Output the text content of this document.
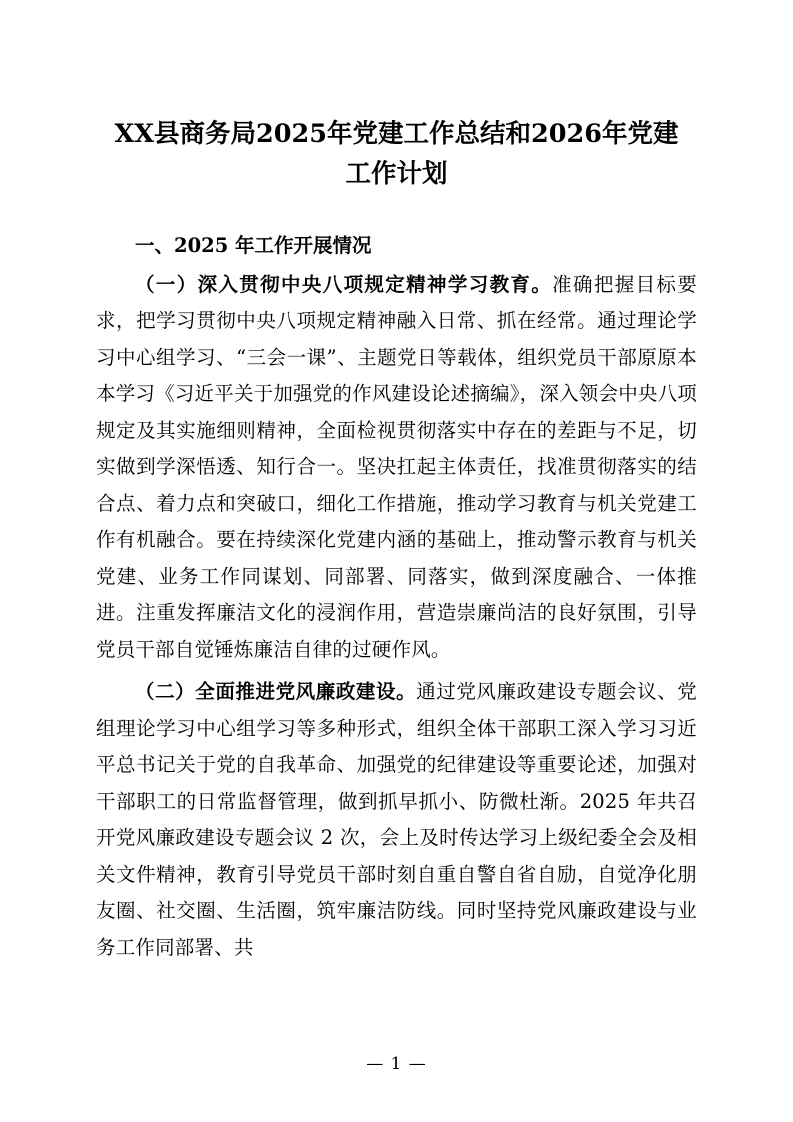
XX县商务局2025年党建工作总结和2026年党建工作计划

一、2025 年工作开展情况

（一）深入贯彻中央八项规定精神学习教育。准确把握目标要求，把学习贯彻中央八项规定精神融入日常、抓在经常。通过理论学习中心组学习、“三会一课”、主题党日等载体，组织党员干部原原本本学习《习近平关于加强党的作风建设论述摘编》，深入领会中央八项规定及其实施细则精神，全面检视贯彻落实中存在的差距与不足，切实做到学深悟透、知行合一。坚决扛起主体责任，找准贯彻落实的结合点、着力点和突破口，细化工作措施，推动学习教育与机关党建工作有机融合。要在持续深化党建内涵的基础上，推动警示教育与机关党建、业务工作同谋划、同部署、同落实，做到深度融合、一体推进。注重发挥廉洁文化的浸润作用，营造崇廉尚洁的良好氛围，引导党员干部自觉锤炼廉洁自律的过硬作风。

（二）全面推进党风廉政建设。通过党风廉政建设专题会议、党组理论学习中心组学习等多种形式，组织全体干部职工深入学习习近平总书记关于党的自我革命、加强党的纪律建设等重要论述，加强对干部职工的日常监督管理，做到抓早抓小、防微杜渐。2025 年共召开党风廉政建设专题会议 2 次，会上及时传达学习上级纪委全会及相关文件精神，教育引导党员干部时刻自重自警自省自励，自觉净化朋友圈、社交圈、生活圈，筑牢廉洁防线。同时坚持党风廉政建设与业务工作同部署、共

— 1 —
